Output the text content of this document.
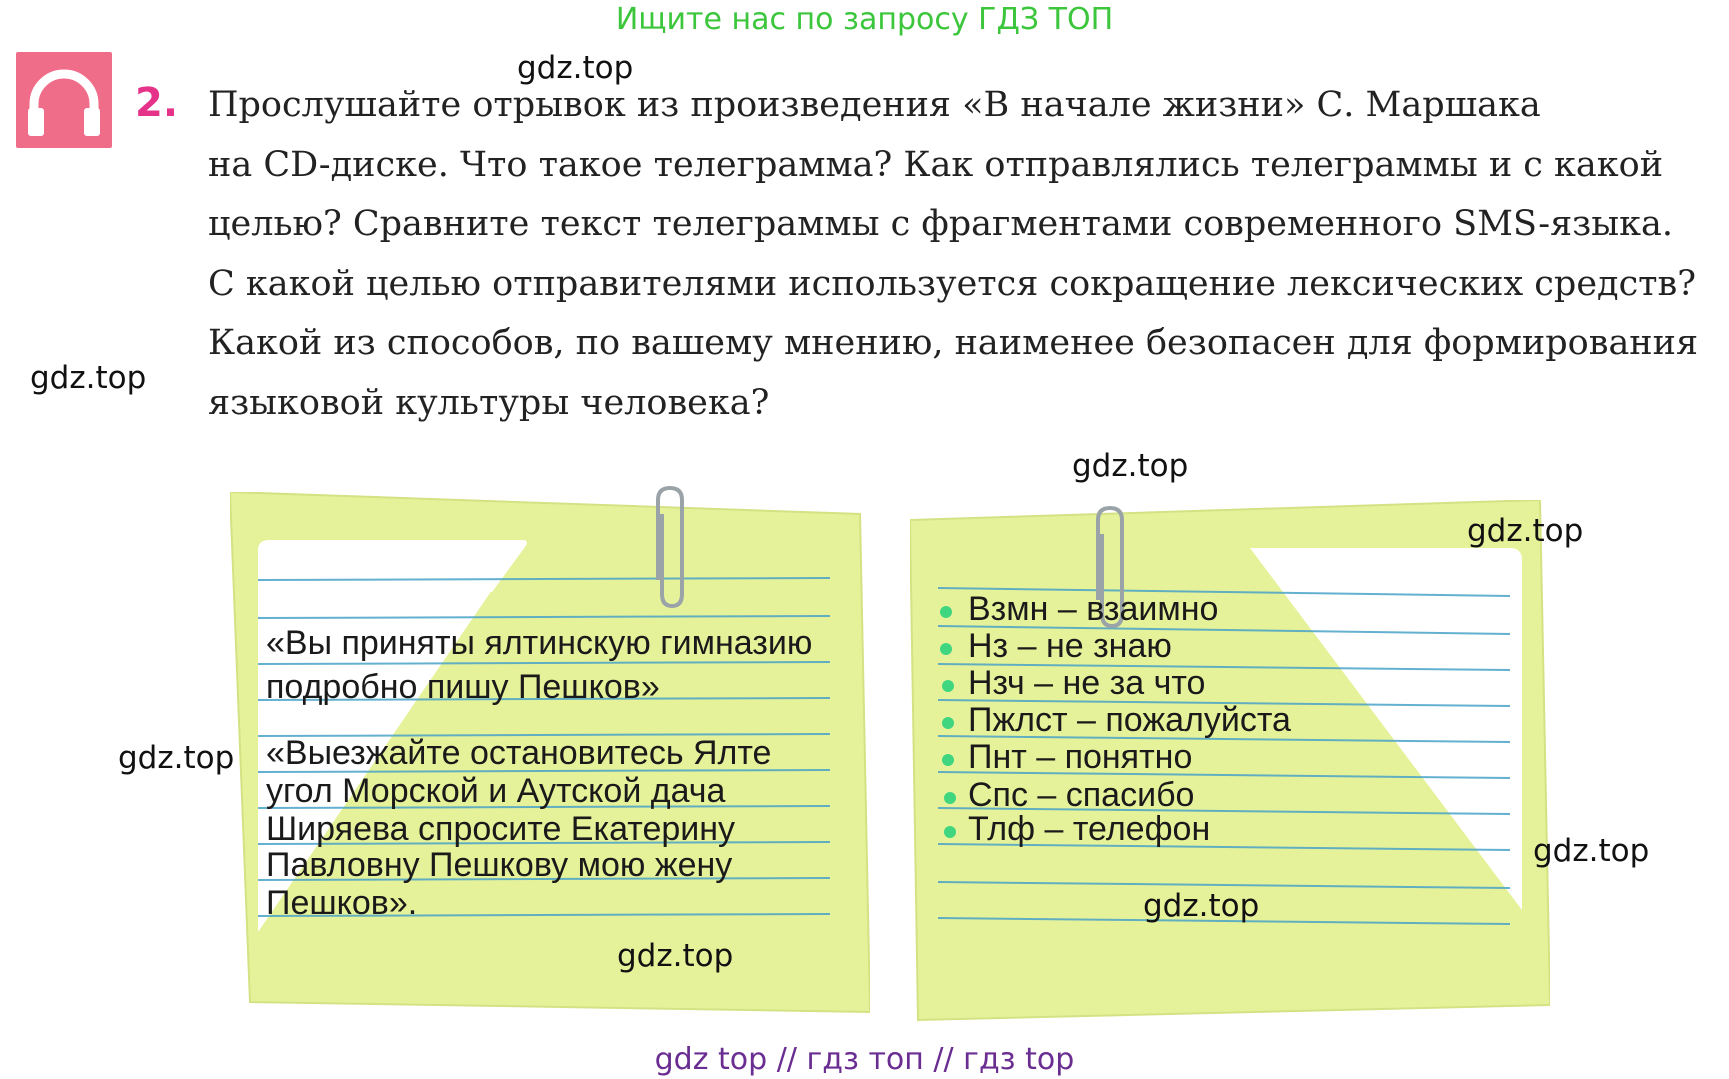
Ищите нас по запросу ГДЗ ТОП
2. Прослушайте отрывок из произведения «В начале жизни» С. Маршака
на CD-диске. Что такое телеграмма? Как отправлялись телеграммы и с какой
целью? Сравните текст телеграммы с фрагментами современного SMS-языка.
С какой целью отправителями используется сокращение лексических средств?
Какой из способов, по вашему мнению, наименее безопасен для формирования
языковой культуры человека?
«Вы приняты ялтинскую гимназию
подробно пишу Пешков»
«Выезжайте остановитесь Ялте
угол Морской и Аутской дача
Ширяева спросите Екатерину
Павловну Пешкову мою жену
Пешков».
Взмн – взаимно
Нз – не знаю
Нзч – не за что
Пжлст – пожалуйста
Пнт – понятно
Спс – спасибо
Тлф – телефон
gdz.top
gdz.top
gdz.top
gdz.top
gdz.top
gdz.top
gdz.top
gdz.top
gdz top // гдз топ // гдз top
